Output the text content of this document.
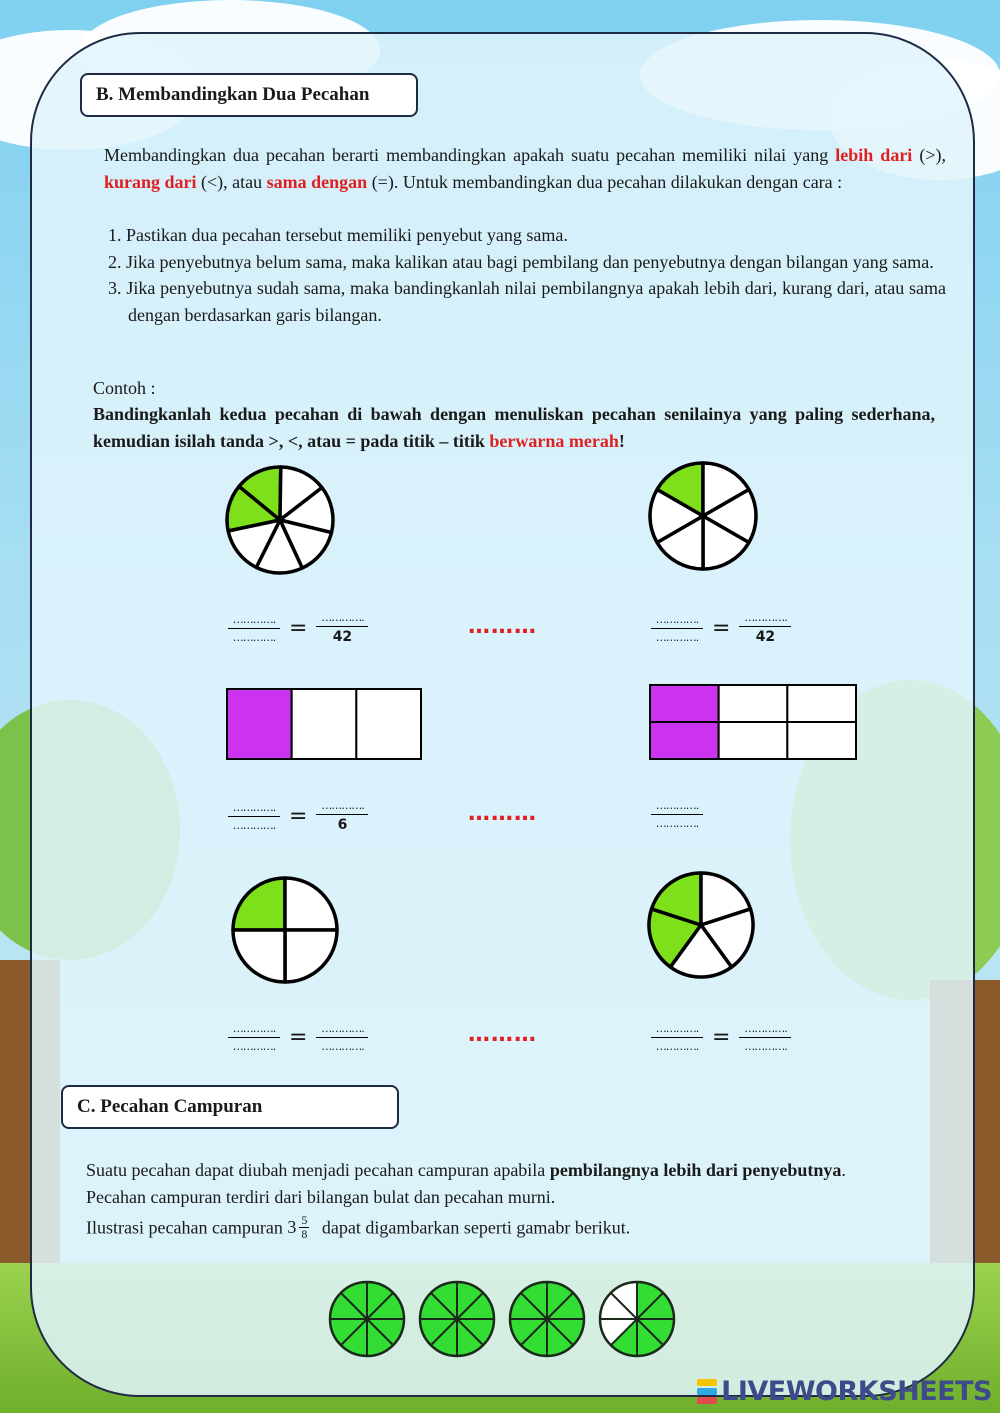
B. Membandingkan Dua Pecahan
Membandingkan dua pecahan berarti membandingkan apakah suatu pecahan memiliki nilai yang lebih dari (>), kurang dari (<), atau sama dengan (=). Untuk membandingkan dua pecahan dilakukan dengan cara :
1. Pastikan dua pecahan tersebut memiliki penyebut yang sama.
2. Jika penyebutnya belum sama, maka kalikan atau bagi pembilang dan penyebutnya dengan bilangan yang sama.
3. Jika penyebutnya sudah sama, maka bandingkanlah nilai pembilangnya apakah lebih dari, kurang dari, atau sama dengan berdasarkan garis bilangan.
Contoh :
Bandingkanlah kedua pecahan di bawah dengan menuliskan pecahan senilainya yang paling sederhana, kemudian isilah tanda >, <, atau = pada titik – titik berwarna merah!
$\frac{\dots\dots\dots\dots.}{\dots\dots\dots\dots.} = \frac{\dots\dots\dots\dots.}{42}$	………	$\frac{\dots\dots\dots\dots.}{\dots\dots\dots\dots.} = \frac{\dots\dots\dots\dots.}{42}$
$\frac{\dots\dots\dots\dots.}{\dots\dots\dots\dots.} = \frac{\dots\dots\dots\dots.}{6}$	………	$\frac{\dots\dots\dots\dots.}{\dots\dots\dots\dots.}$
$\frac{\dots\dots\dots\dots.}{\dots\dots\dots\dots.} = \frac{\dots\dots\dots\dots.}{\dots\dots\dots\dots.}$	………	$\frac{\dots\dots\dots\dots.}{\dots\dots\dots\dots.} = \frac{\dots\dots\dots\dots.}{\dots\dots\dots\dots.}$
C. Pecahan Campuran
Suatu pecahan dapat diubah menjadi pecahan campuran apabila pembilangnya lebih dari penyebutnya.
Pecahan campuran terdiri dari bilangan bulat dan pecahan murni.
Ilustrasi pecahan campuran 3 5
8 dapat digambarkan seperti gamabr berikut.
LIVEWORKSHEETS
